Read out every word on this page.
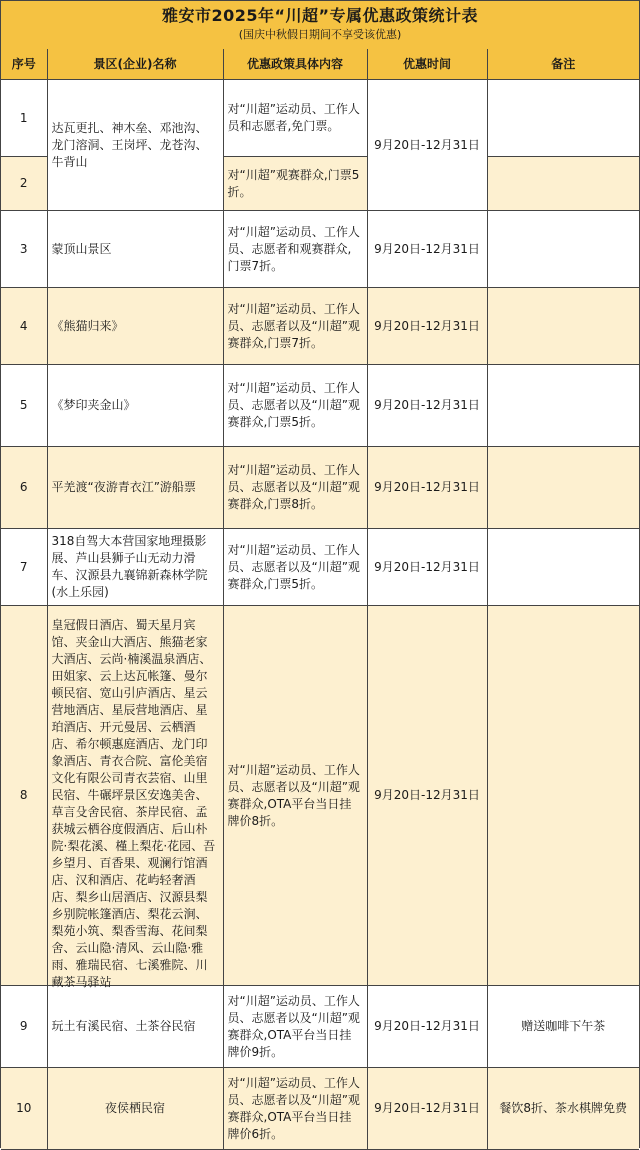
雅安市2025年“川超”专属优惠政策统计表
(国庆中秋假日期间不享受该优惠)
序号	景区(企业)名称	优惠政策具体内容	优惠时间	备注
1	达瓦更扎、神木垒、邓池沟、龙门溶洞、王岗坪、龙苍沟、牛背山	对“川超”运动员、工作人员和志愿者,免门票。	9月20日-12月31日	
2		对“川超”观赛群众,门票5折。		
3	蒙顶山景区	对“川超”运动员、工作人员、志愿者和观赛群众,门票7折。	9月20日-12月31日	
4	《熊猫归来》	对“川超”运动员、工作人员、志愿者以及“川超”观赛群众,门票7折。	9月20日-12月31日	
5	《梦印夹金山》	对“川超”运动员、工作人员、志愿者以及“川超”观赛群众,门票5折。	9月20日-12月31日	
6	平羌渡“夜游青衣江”游船票	对“川超”运动员、工作人员、志愿者以及“川超”观赛群众,门票8折。	9月20日-12月31日	
7	318自驾大本营国家地理摄影展、芦山县狮子山无动力滑车、汉源县九襄锦新森林学院(水上乐园)	对“川超”运动员、工作人员、志愿者以及“川超”观赛群众,门票5折。	9月20日-12月31日	
8	皇冠假日酒店、蜀天星月宾馆、夹金山大酒店、熊猫老家大酒店、云尚·楠溪温泉酒店、田姐家、云上达瓦帐篷、曼尔顿民宿、宽山引庐酒店、星云营地酒店、星辰营地酒店、星珀酒店、开元曼居、云栖酒店、希尔顿惠庭酒店、龙门印象酒店、青衣合院、富伦美宿文化有限公司青衣芸宿、山里民宿、牛碾坪景区安逸美舍、草言殳舍民宿、茶岸民宿、孟获城云栖谷度假酒店、后山朴院·梨花溪、槿上梨花·花园、吾乡望月、百香果、观澜行馆酒店、汉和酒店、花屿轻奢酒店、梨乡山居酒店、汉源县梨乡别院帐篷酒店、梨花云涧、梨苑小筑、梨香雪海、花间梨舍、云山隐·清风、云山隐·雅雨、雅瑞民宿、七溪雅院、川藏茶马驿站	对“川超”运动员、工作人员、志愿者以及“川超”观赛群众,OTA平台当日挂牌价8折。	9月20日-12月31日	
9	玩土有溪民宿、土茶谷民宿	对“川超”运动员、工作人员、志愿者以及“川超”观赛群众,OTA平台当日挂牌价9折。	9月20日-12月31日	赠送咖啡下午茶
10	夜侯栖民宿	对“川超”运动员、工作人员、志愿者以及“川超”观赛群众,OTA平台当日挂牌价6折。	9月20日-12月31日	餐饮8折、茶水棋牌免费
